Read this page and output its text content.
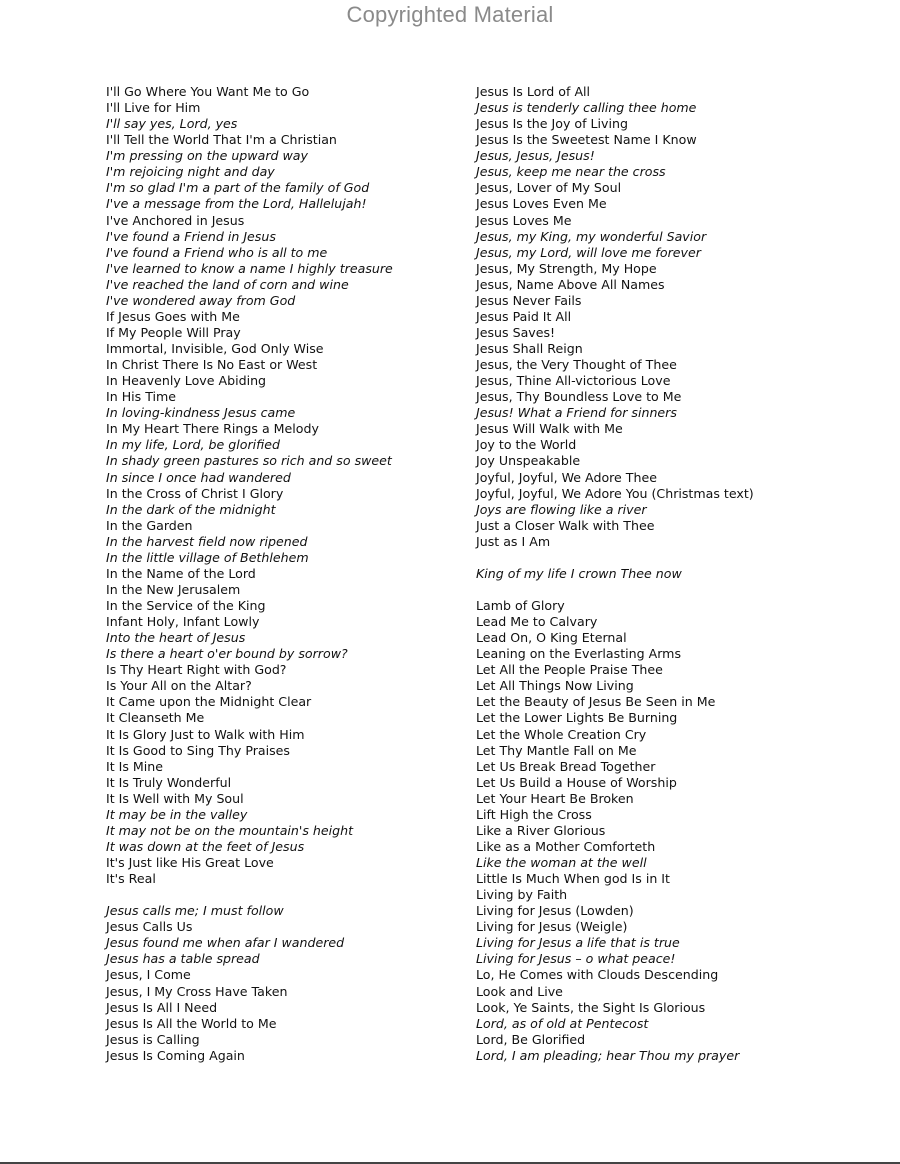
Copyrighted Material
I'll Go Where You Want Me to Go
I'll Live for Him
I'll say yes, Lord, yes
I'll Tell the World That I'm a Christian
I'm pressing on the upward way
I'm rejoicing night and day
I'm so glad I'm a part of the family of God
I've a message from the Lord, Hallelujah!
I've Anchored in Jesus
I've found a Friend in Jesus
I've found a Friend who is all to me
I've learned to know a name I highly treasure
I've reached the land of corn and wine
I've wondered away from God
If Jesus Goes with Me
If My People Will Pray
Immortal, Invisible, God Only Wise
In Christ There Is No East or West
In Heavenly Love Abiding
In His Time
In loving-kindness Jesus came
In My Heart There Rings a Melody
In my life, Lord, be glorified
In shady green pastures so rich and so sweet
In since I once had wandered
In the Cross of Christ I Glory
In the dark of the midnight
In the Garden
In the harvest field now ripened
In the little village of Bethlehem
In the Name of the Lord
In the New Jerusalem
In the Service of the King
Infant Holy, Infant Lowly
Into the heart of Jesus
Is there a heart o'er bound by sorrow?
Is Thy Heart Right with God?
Is Your All on the Altar?
It Came upon the Midnight Clear
It Cleanseth Me
It Is Glory Just to Walk with Him
It Is Good to Sing Thy Praises
It Is Mine
It Is Truly Wonderful
It Is Well with My Soul
It may be in the valley
It may not be on the mountain's height
It was down at the feet of Jesus
It's Just like His Great Love
It's Real
Jesus calls me; I must follow
Jesus Calls Us
Jesus found me when afar I wandered
Jesus has a table spread
Jesus, I Come
Jesus, I My Cross Have Taken
Jesus Is All I Need
Jesus Is All the World to Me
Jesus is Calling
Jesus Is Coming Again
Jesus Is Lord of All
Jesus is tenderly calling thee home
Jesus Is the Joy of Living
Jesus Is the Sweetest Name I Know
Jesus, Jesus, Jesus!
Jesus, keep me near the cross
Jesus, Lover of My Soul
Jesus Loves Even Me
Jesus Loves Me
Jesus, my King, my wonderful Savior
Jesus, my Lord, will love me forever
Jesus, My Strength, My Hope
Jesus, Name Above All Names
Jesus Never Fails
Jesus Paid It All
Jesus Saves!
Jesus Shall Reign
Jesus, the Very Thought of Thee
Jesus, Thine All-victorious Love
Jesus, Thy Boundless Love to Me
Jesus! What a Friend for sinners
Jesus Will Walk with Me
Joy to the World
Joy Unspeakable
Joyful, Joyful, We Adore Thee
Joyful, Joyful, We Adore You (Christmas text)
Joys are flowing like a river
Just a Closer Walk with Thee
Just as I Am
King of my life I crown Thee now
Lamb of Glory
Lead Me to Calvary
Lead On, O King Eternal
Leaning on the Everlasting Arms
Let All the People Praise Thee
Let All Things Now Living
Let the Beauty of Jesus Be Seen in Me
Let the Lower Lights Be Burning
Let the Whole Creation Cry
Let Thy Mantle Fall on Me
Let Us Break Bread Together
Let Us Build a House of Worship
Let Your Heart Be Broken
Lift High the Cross
Like a River Glorious
Like as a Mother Comforteth
Like the woman at the well
Little Is Much When god Is in It
Living by Faith
Living for Jesus (Lowden)
Living for Jesus (Weigle)
Living for Jesus a life that is true
Living for Jesus – o what peace!
Lo, He Comes with Clouds Descending
Look and Live
Look, Ye Saints, the Sight Is Glorious
Lord, as of old at Pentecost
Lord, Be Glorified
Lord, I am pleading; hear Thou my prayer
